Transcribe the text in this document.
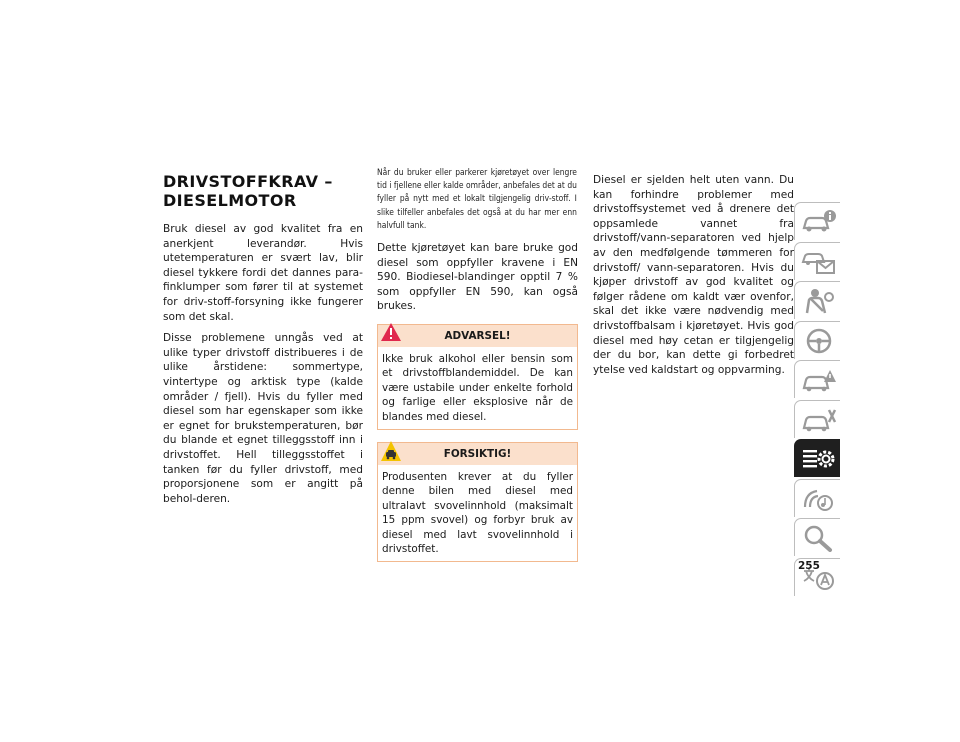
DRIVSTOFFKRAV – DIESELMOTOR

Bruk diesel av god kvalitet fra en anerkjent leverandør. Hvis utetemperaturen er svært lav, blir diesel tykkere fordi det dannes para-finklumper som fører til at systemet for driv-stoff-forsyning ikke fungerer som det skal.

Disse problemene unngås ved at ulike typer drivstoff distribueres i de ulike årstidene: sommertype, vintertype og arktisk type (kalde områder / fjell). Hvis du fyller med diesel som har egenskaper som ikke er egnet for brukstemperaturen, bør du blande et egnet tilleggsstoff inn i drivstoffet. Hell tilleggsstoffet i tanken før du fyller drivstoff, med proporsjonene som er angitt på behol-deren.

Når du bruker eller parkerer kjøretøyet over lengre tid i fjellene eller kalde områder, anbefales det at du fyller på nytt med et lokalt tilgjengelig driv-stoff. I slike tilfeller anbefales det også at du har mer enn halvfull tank.

Dette kjøretøyet kan bare bruke god diesel som oppfyller kravene i EN 590. Biodiesel-blandinger opptil 7 % som oppfyller EN 590, kan også brukes.

ADVARSEL!
Ikke bruk alkohol eller bensin som et drivstoffblandemiddel. De kan være ustabile under enkelte forhold og farlige eller eksplosive når de blandes med diesel.
FORSIKTIG!
Produsenten krever at du fyller denne bilen med diesel med ultralavt svovelinnhold (maksimalt 15 ppm svovel) og forbyr bruk av diesel med lavt svovelinnhold i drivstoffet.

Diesel er sjelden helt uten vann. Du kan forhindre problemer med drivstoffsystemet ved å drenere det oppsamlede vannet fra drivstoff/vann-separatoren ved hjelp av den medfølgende tømmeren for drivstoff/ vann-separatoren. Hvis du kjøper drivstoff av god kvalitet og følger rådene om kaldt vær ovenfor, skal det ikke være nødvendig med drivstoffbalsam i kjøretøyet. Hvis god diesel med høy cetan er tilgjengelig der du bor, kan dette gi forbedret ytelse ved kaldstart og oppvarming.

255
